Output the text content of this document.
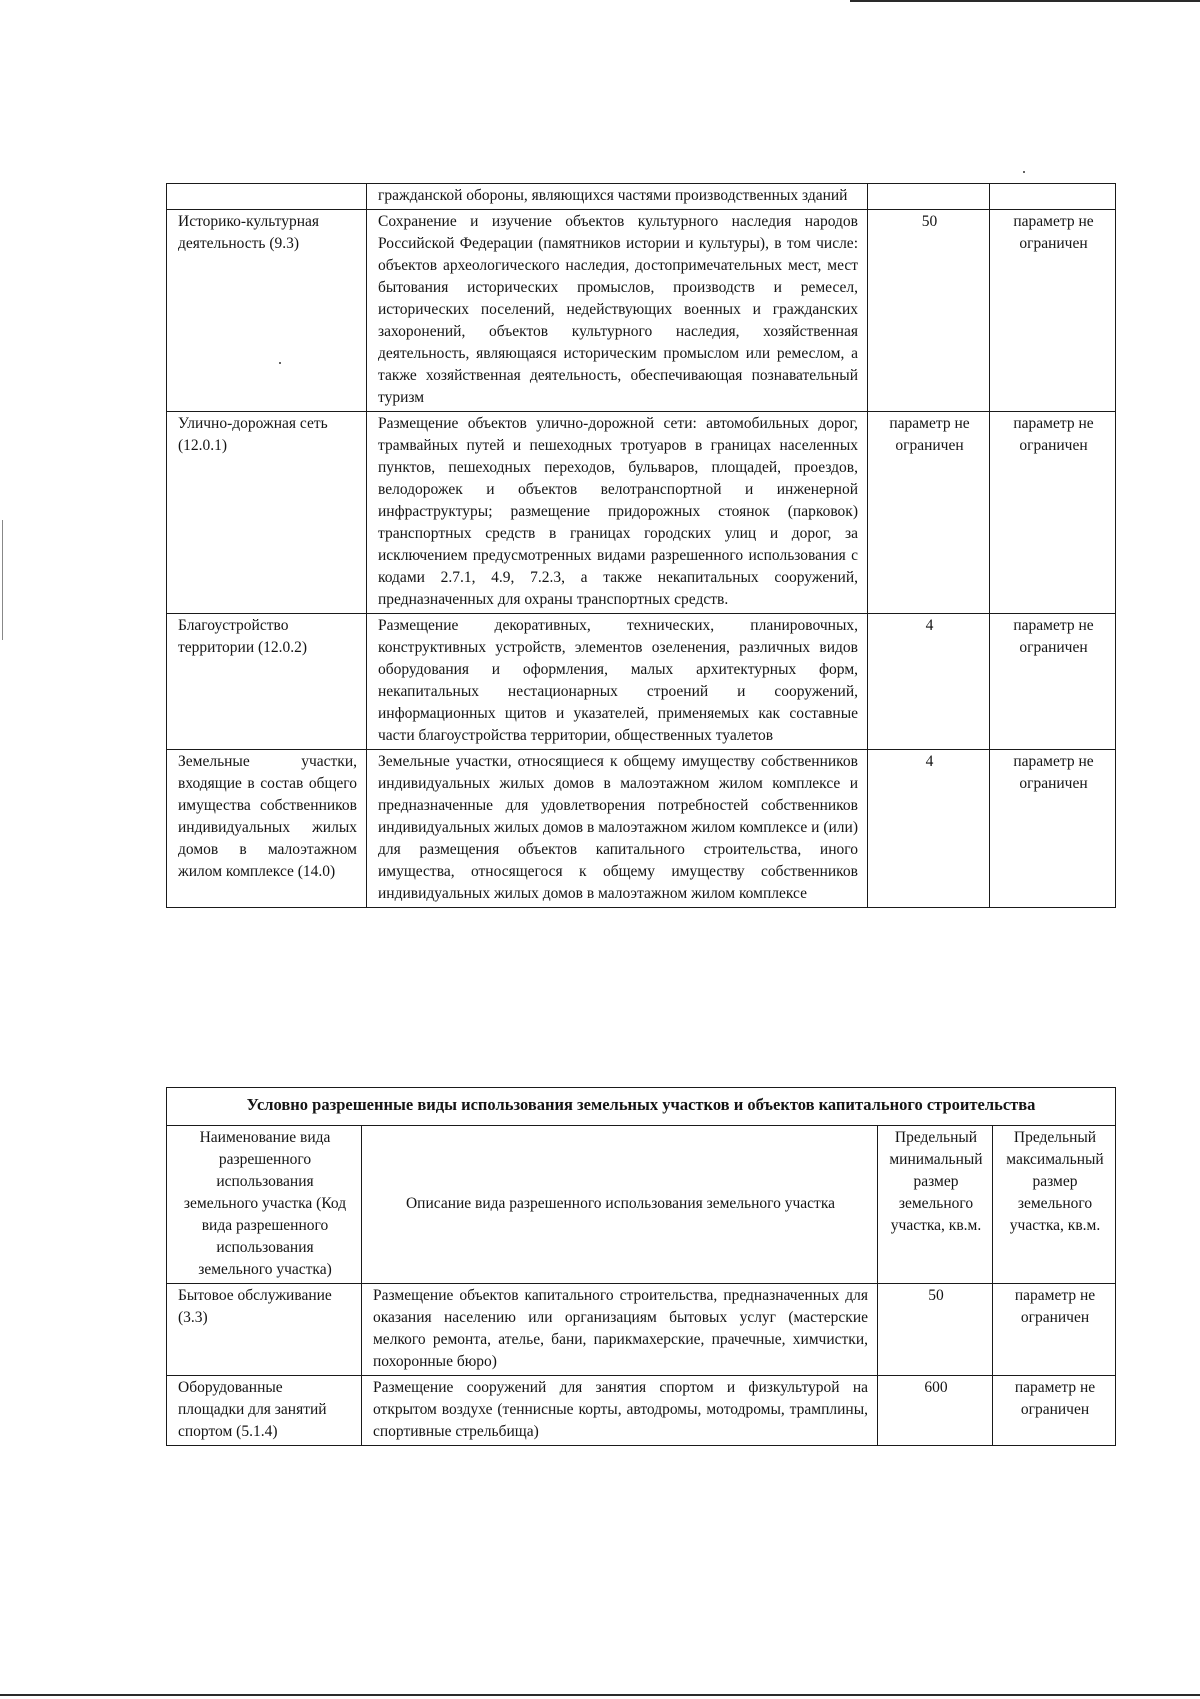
	гражданской обороны, являющихся частями производственных зданий		
Историко-культурная деятельность (9.3)	Сохранение и изучение объектов культурного наследия народов Российской Федерации (памятников истории и культуры), в том числе: объектов археологического наследия, достопримечательных мест, мест бытования исторических промыслов, производств и ремесел, исторических поселений, недействующих военных и гражданских захоронений, объектов культурного наследия, хозяйственная деятельность, являющаяся историческим промыслом или ремеслом, а также хозяйственная деятельность, обеспечивающая познавательный туризм	50	параметр не ограничен
Улично-дорожная сеть (12.0.1)	Размещение объектов улично-дорожной сети: автомобильных дорог, трамвайных путей и пешеходных тротуаров в границах населенных пунктов, пешеходных переходов, бульваров, площадей, проездов, велодорожек и объектов велотранспортной и инженерной инфраструктуры; размещение придорожных стоянок (парковок) транспортных средств в границах городских улиц и дорог, за исключением предусмотренных видами разрешенного использования с кодами 2.7.1, 4.9, 7.2.3, а также некапитальных сооружений, предназначенных для охраны транспортных средств.	параметр не ограничен	параметр не ограничен
Благоустройство территории (12.0.2)	Размещение декоративных, технических, планировочных, конструктивных устройств, элементов озеленения, различных видов оборудования и оформления, малых архитектурных форм, некапитальных нестационарных строений и сооружений, информационных щитов и указателей, применяемых как составные части благоустройства территории, общественных туалетов	4	параметр не ограничен
Земельные участки, входящие в состав общего имущества собственников индивидуальных жилых домов в малоэтажном жилом комплексе (14.0)	Земельные участки, относящиеся к общему имуществу собственников индивидуальных жилых домов в малоэтажном жилом комплексе и предназначенные для удовлетворения потребностей собственников индивидуальных жилых домов в малоэтажном жилом комплексе и (или) для размещения объектов капитального строительства, иного имущества, относящегося к общему имуществу собственников индивидуальных жилых домов в малоэтажном жилом комплексе	4	параметр не ограничен
Условно разрешенные виды использования земельных участков и объектов капитального строительства			
Наименование вида разрешенного использования земельного участка (Код вида разрешенного использования земельного участка)	Описание вида разрешенного использования земельного участка	Предельный минимальный размер земельного участка, кв.м.	Предельный максимальный размер земельного участка, кв.м.
Бытовое обслуживание (3.3)	Размещение объектов капитального строительства, предназначенных для оказания населению или организациям бытовых услуг (мастерские мелкого ремонта, ателье, бани, парикмахерские, прачечные, химчистки, похоронные бюро)	50	параметр не ограничен
Оборудованные площадки для занятий спортом (5.1.4)	Размещение сооружений для занятия спортом и физкультурой на открытом воздухе (теннисные корты, автодромы, мотодромы, трамплины, спортивные стрельбища)	600	параметр не ограничен
